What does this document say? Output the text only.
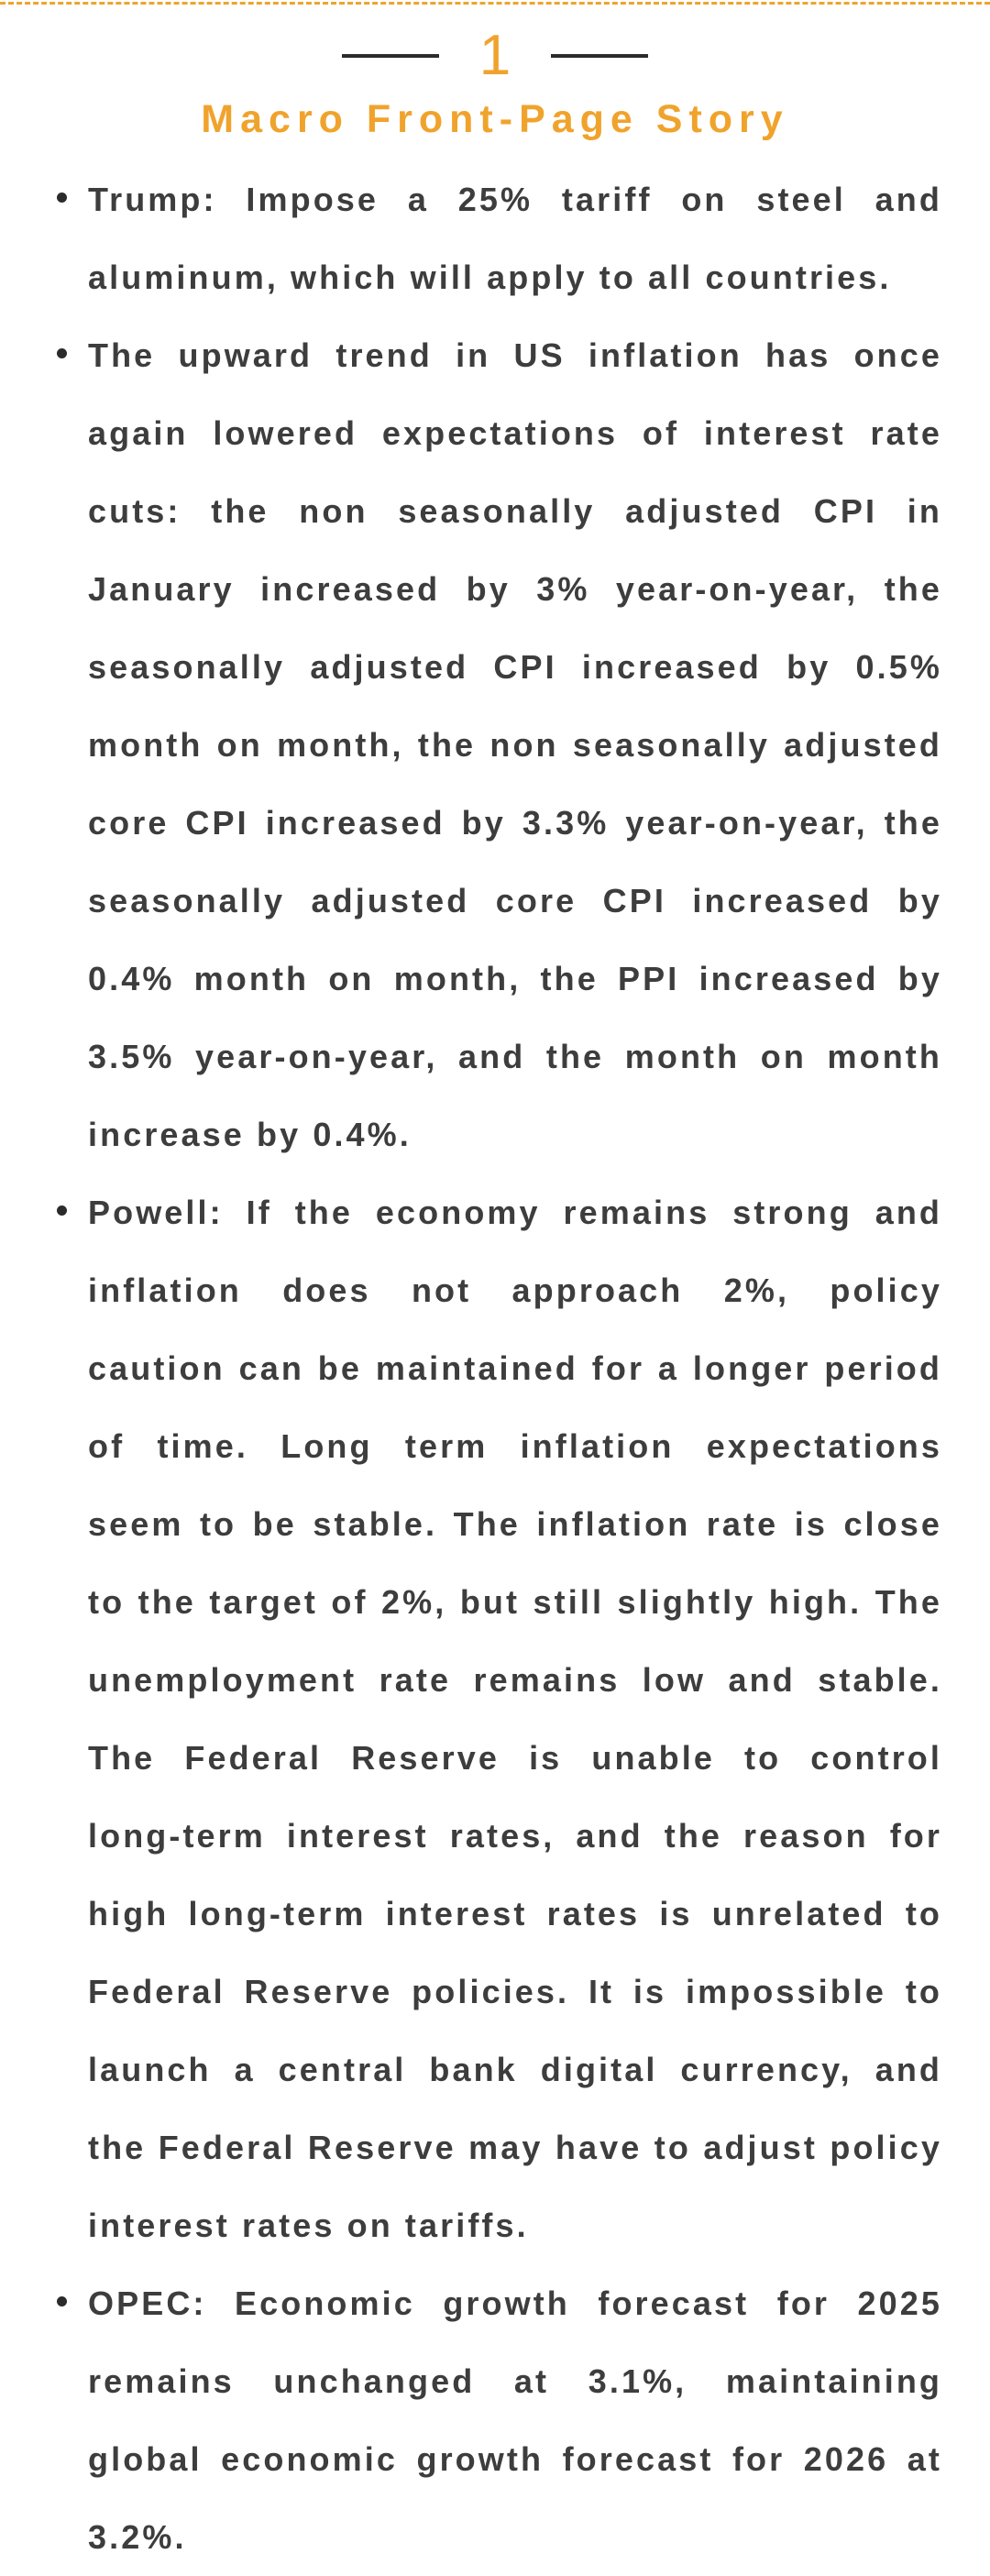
1
Macro Front-Page Story
Trump: Impose a 25% tariff on steel and aluminum, which will apply to all countries.
The upward trend in US inflation has once again lowered expectations of interest rate cuts: the non seasonally adjusted CPI in January increased by 3% year-on-year, the seasonally adjusted CPI increased by 0.5% month on month, the non seasonally adjusted core CPI increased by 3.3% year-on-year, the seasonally adjusted core CPI increased by 0.4% month on month, the PPI increased by 3.5% year-on-year, and the month on month increase by 0.4%.
Powell: If the economy remains strong and inflation does not approach 2%, policy caution can be maintained for a longer period of time. Long term inflation expectations seem to be stable. The inflation rate is close to the target of 2%, but still slightly high. The unemployment rate remains low and stable. The Federal Reserve is unable to control long-term interest rates, and the reason for high long-term interest rates is unrelated to Federal Reserve policies. It is impossible to launch a central bank digital currency, and the Federal Reserve may have to adjust policy interest rates on tariffs.
OPEC: Economic growth forecast for 2025 remains unchanged at 3.1%, maintaining global economic growth forecast for 2026 at 3.2%.
